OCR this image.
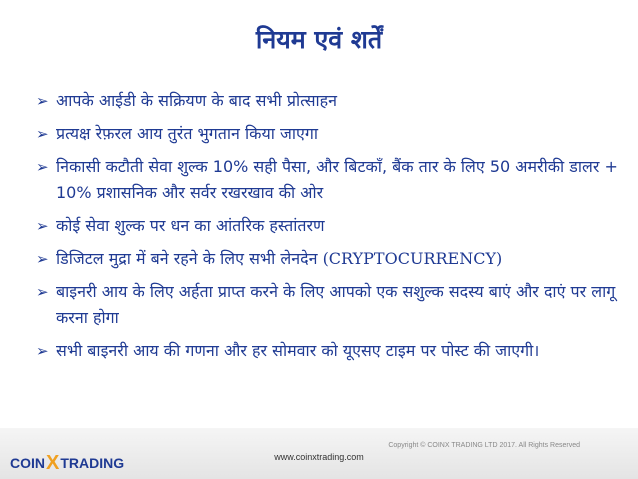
नियम एवं शर्तें
➢ आपके आईडी के सक्रियण के बाद सभी प्रोत्साहन
➢ प्रत्यक्ष रेफ़रल आय तुरंत भुगतान किया जाएगा
➢ निकासी कटौती सेवा शुल्क 10% सही पैसा, और बिटकाँ, बैंक तार के लिए 50 अमरीकी डालर + 10% प्रशासनिक और सर्वर रखरखाव की ओर
➢ कोई सेवा शुल्क पर धन का आंतरिक हस्तांतरण
➢ डिजिटल मुद्रा में बने रहने के लिए सभी लेनदेन (CRYPTOCURRENCY)
➢ बाइनरी आय के लिए अर्हता प्राप्त करने के लिए आपको एक सशुल्क सदस्य बाएं और दाएं पर लागू करना होगा
➢ सभी बाइनरी आय की गणना और हर सोमवार को यूएसए टाइम पर पोस्ट की जाएगी।
Copyright © COINX TRADING LTD 2017. All Rights Reserved
www.coinxtrading.com
COIN X TRADING
